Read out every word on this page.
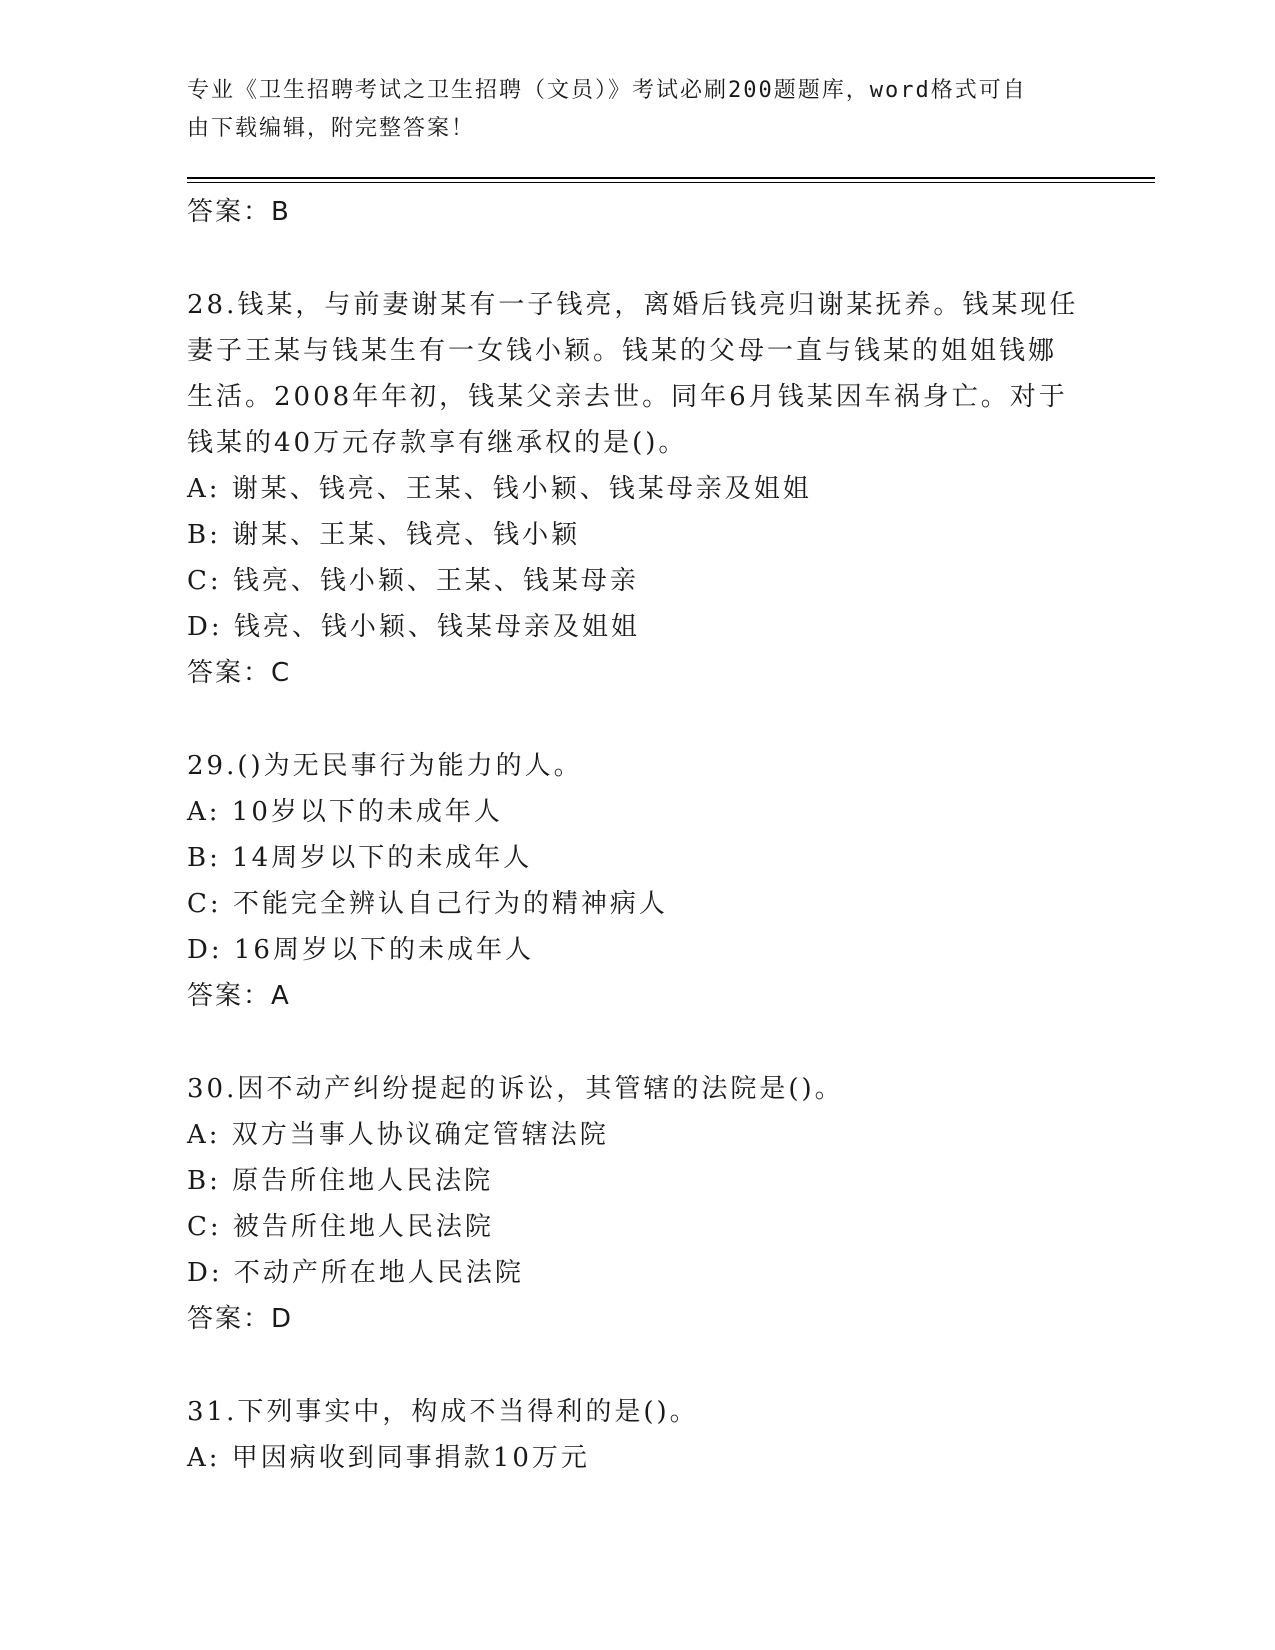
专业《卫生招聘考试之卫生招聘（文员）》考试必刷200题题库，word格式可自
由下载编辑，附完整答案！
答案：B
28.钱某，与前妻谢某有一子钱亮，离婚后钱亮归谢某抚养。钱某现任
妻子王某与钱某生有一女钱小颖。钱某的父母一直与钱某的姐姐钱娜
生活。2008年年初，钱某父亲去世。同年6月钱某因车祸身亡。对于
钱某的40万元存款享有继承权的是()。
A: 谢某、钱亮、王某、钱小颖、钱某母亲及姐姐
B: 谢某、王某、钱亮、钱小颖
C: 钱亮、钱小颖、王某、钱某母亲
D: 钱亮、钱小颖、钱某母亲及姐姐
答案：C
29.()为无民事行为能力的人。
A: 10岁以下的未成年人
B: 14周岁以下的未成年人
C: 不能完全辨认自己行为的精神病人
D: 16周岁以下的未成年人
答案：A
30.因不动产纠纷提起的诉讼，其管辖的法院是()。
A: 双方当事人协议确定管辖法院
B: 原告所住地人民法院
C: 被告所住地人民法院
D: 不动产所在地人民法院
答案：D
31.下列事实中，构成不当得利的是()。
A: 甲因病收到同事捐款10万元
